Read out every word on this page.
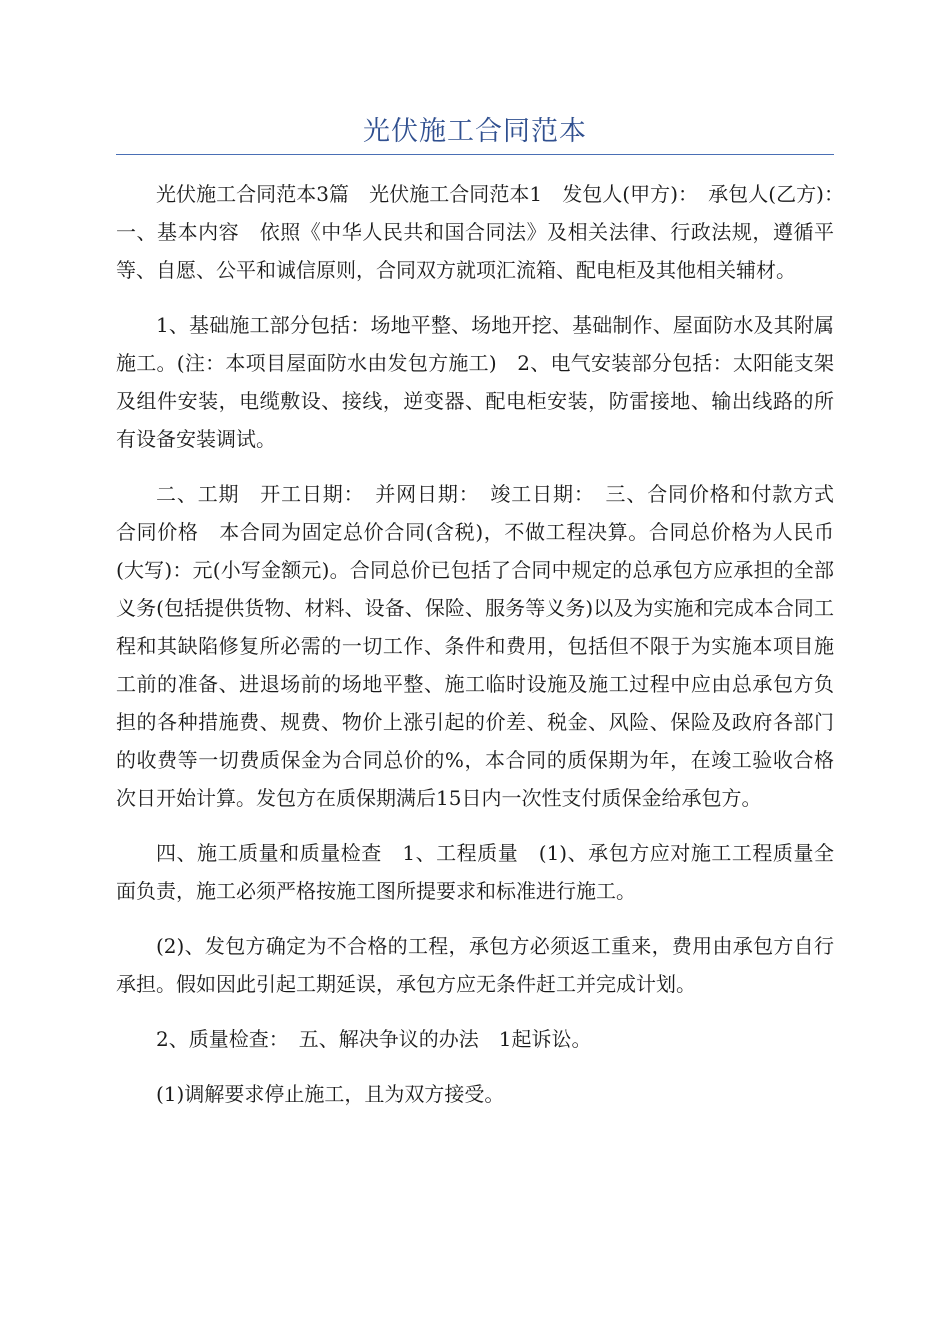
光伏施工合同范本

光伏施工合同范本3篇　光伏施工合同范本1　发包人(甲方)：　承包人(乙方)：　一、基本内容　依照《中华人民共和国合同法》及相关法律、行政法规，遵循平等、自愿、公平和诚信原则，合同双方就项汇流箱、配电柜及其他相关辅材。

1、基础施工部分包括：场地平整、场地开挖、基础制作、屋面防水及其附属施工。(注：本项目屋面防水由发包方施工)　2、电气安装部分包括：太阳能支架及组件安装，电缆敷设、接线，逆变器、配电柜安装，防雷接地、输出线路的所有设备安装调试。

二、工期　开工日期：　并网日期：　竣工日期：　三、合同价格和付款方式　合同价格　本合同为固定总价合同(含税)，不做工程决算。合同总价格为人民币(大写)：元(小写金额元)。合同总价已包括了合同中规定的总承包方应承担的全部义务(包括提供货物、材料、设备、保险、服务等义务)以及为实施和完成本合同工程和其缺陷修复所必需的一切工作、条件和费用，包括但不限于为实施本项目施工前的准备、进退场前的场地平整、施工临时设施及施工过程中应由总承包方负担的各种措施费、规费、物价上涨引起的价差、税金、风险、保险及政府各部门的收费等一切费质保金为合同总价的%，本合同的质保期为年，在竣工验收合格次日开始计算。发包方在质保期满后15日内一次性支付质保金给承包方。

四、施工质量和质量检查　1、工程质量　(1)、承包方应对施工工程质量全面负责，施工必须严格按施工图所提要求和标准进行施工。

(2)、发包方确定为不合格的工程，承包方必须返工重来，费用由承包方自行承担。假如因此引起工期延误，承包方应无条件赶工并完成计划。

2、质量检查：　五、解决争议的办法　1起诉讼。

(1)调解要求停止施工，且为双方接受。
